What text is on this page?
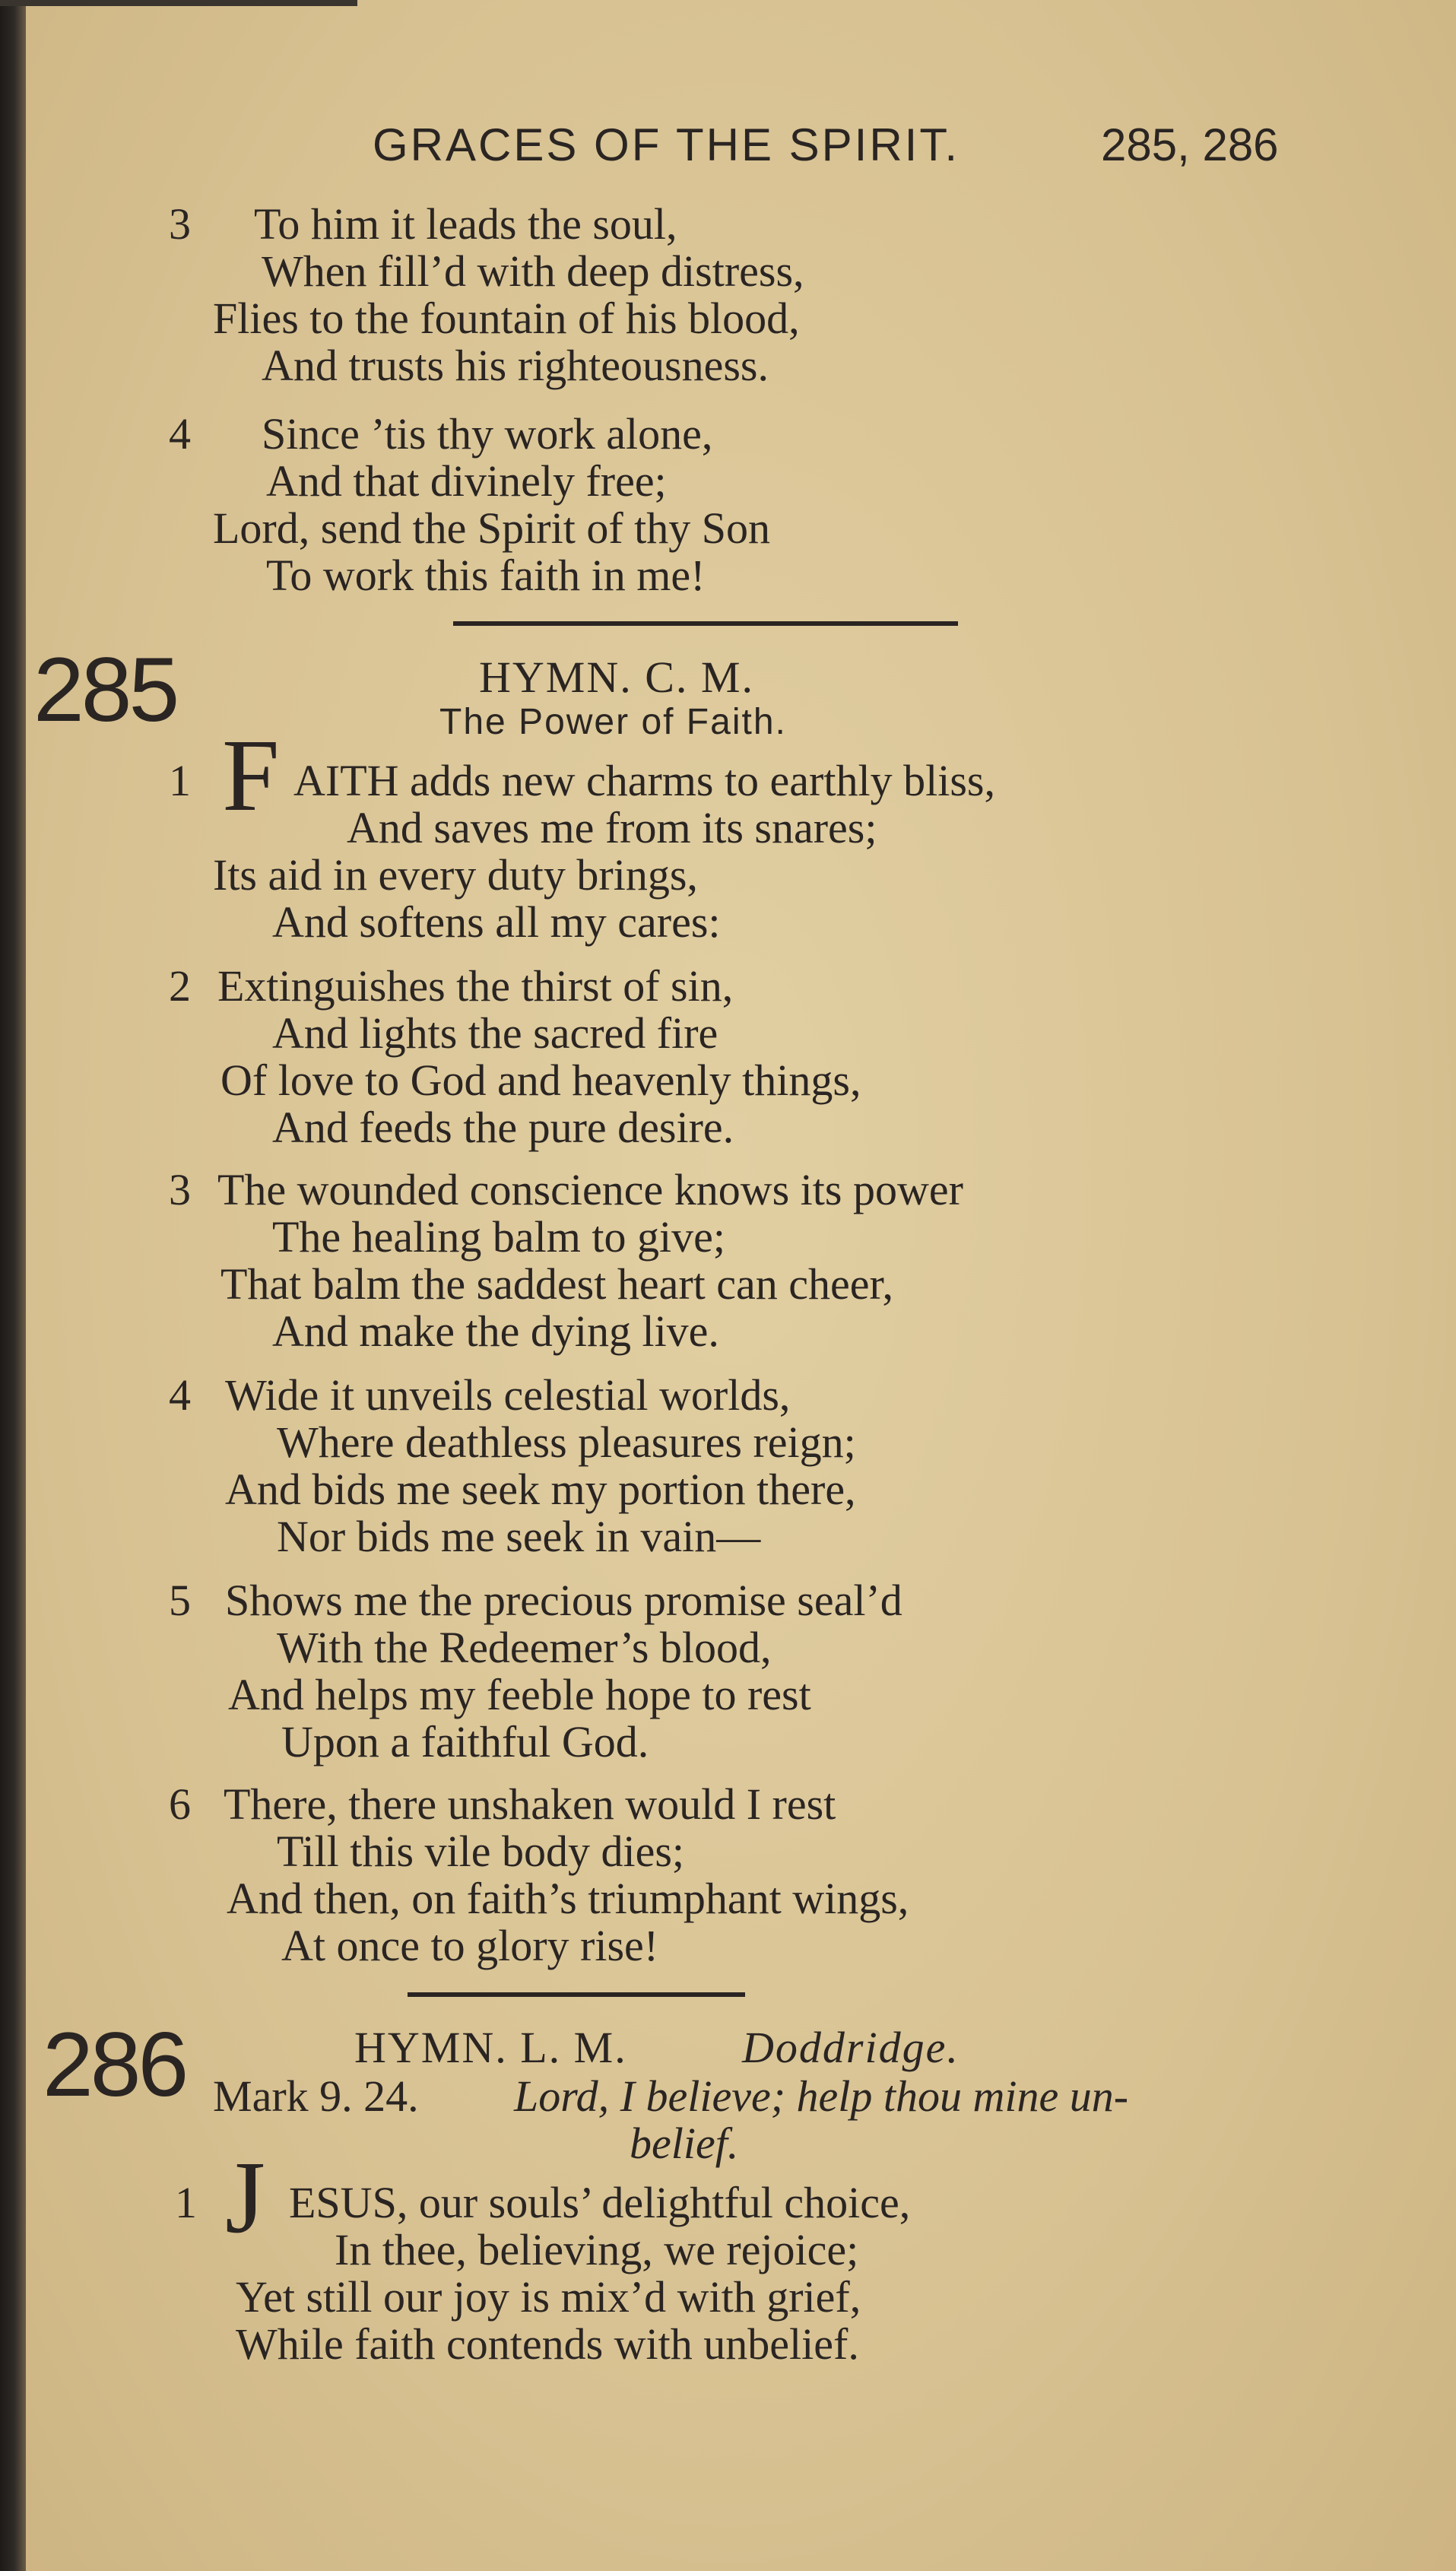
GRACES OF THE SPIRIT.	285, 286
3 To him it leads the soul,
When fill’d with deep distress,
Flies to the fountain of his blood,
And trusts his righteousness.
4 Since ’tis thy work alone,
And that divinely free;
Lord, send the Spirit of thy Son
To work this faith in me!
285	HYMN. C. M.
The Power of Faith.
1 F AITH adds new charms to earthly bliss,
And saves me from its snares;
Its aid in every duty brings,
And softens all my cares:
2 Extinguishes the thirst of sin,
And lights the sacred fire
Of love to God and heavenly things,
And feeds the pure desire.
3 The wounded conscience knows its power
The healing balm to give;
That balm the saddest heart can cheer,
And make the dying live.
4 Wide it unveils celestial worlds,
Where deathless pleasures reign;
And bids me seek my portion there,
Nor bids me seek in vain—
5 Shows me the precious promise seal’d
With the Redeemer’s blood,
And helps my feeble hope to rest
Upon a faithful God.
6 There, there unshaken would I rest
Till this vile body dies;
And then, on faith’s triumphant wings,
At once to glory rise!
286	HYMN. L. M.	Doddridge.
Mark 9. 24. Lord, I believe; help thou mine un-
belief.
1 J ESUS, our souls’ delightful choice,
In thee, believing, we rejoice;
Yet still our joy is mix’d with grief,
While faith contends with unbelief.
